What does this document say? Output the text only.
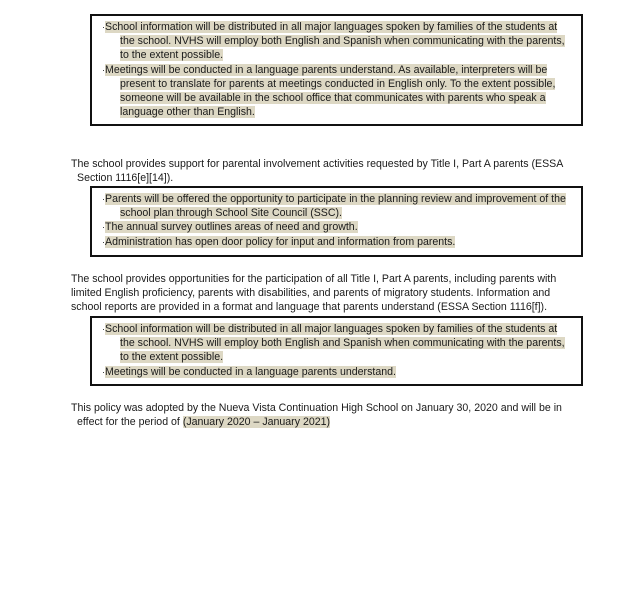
·School information will be distributed in all major languages spoken by families of the students at the school. NVHS will employ both English and Spanish when communicating with the parents, to the extent possible.

·Meetings will be conducted in a language parents understand. As available, interpreters will be present to translate for parents at meetings conducted in English only. To the extent possible, someone will be available in the school office that communicates with parents who speak a language other than English.

The school provides support for parental involvement activities requested by Title I, Part A parents (ESSA
Section 1116[e][14]).

·Parents will be offered the opportunity to participate in the planning review and improvement of the school plan through School Site Council (SSC).

·The annual survey outlines areas of need and growth.

·Administration has open door policy for input and information from parents.

The school provides opportunities for the participation of all Title I, Part A parents, including parents with limited English proficiency, parents with disabilities, and parents of migratory students. Information and school reports are provided in a format and language that parents understand (ESSA Section 1116[f]).

·School information will be distributed in all major languages spoken by families of the students at the school. NVHS will employ both English and Spanish when communicating with the parents, to the extent possible.

·Meetings will be conducted in a language parents understand.

This policy was adopted by the Nueva Vista Continuation High School on January 30, 2020 and will be in
effect for the period of (January 2020 – January 2021)
